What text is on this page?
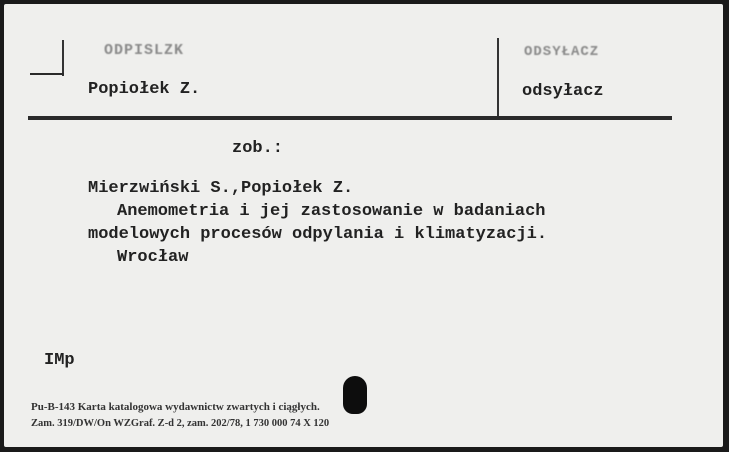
ODPISLZK	ODSYŁACZ
Popiołek Z.	odsyłacz
zob.:
Mierzwiński S.,Popiołek Z.
Anemometria i jej zastosowanie w badaniach
modelowych procesów odpylania i klimatyzacji.
Wrocław
IMp
Pu-B-143 Karta katalogowa wydawnictw zwartych i ciągłych.
Zam. 319/DW/On WZGraf. Z-d 2, zam. 202/78, 1 730 000 74 X 120
